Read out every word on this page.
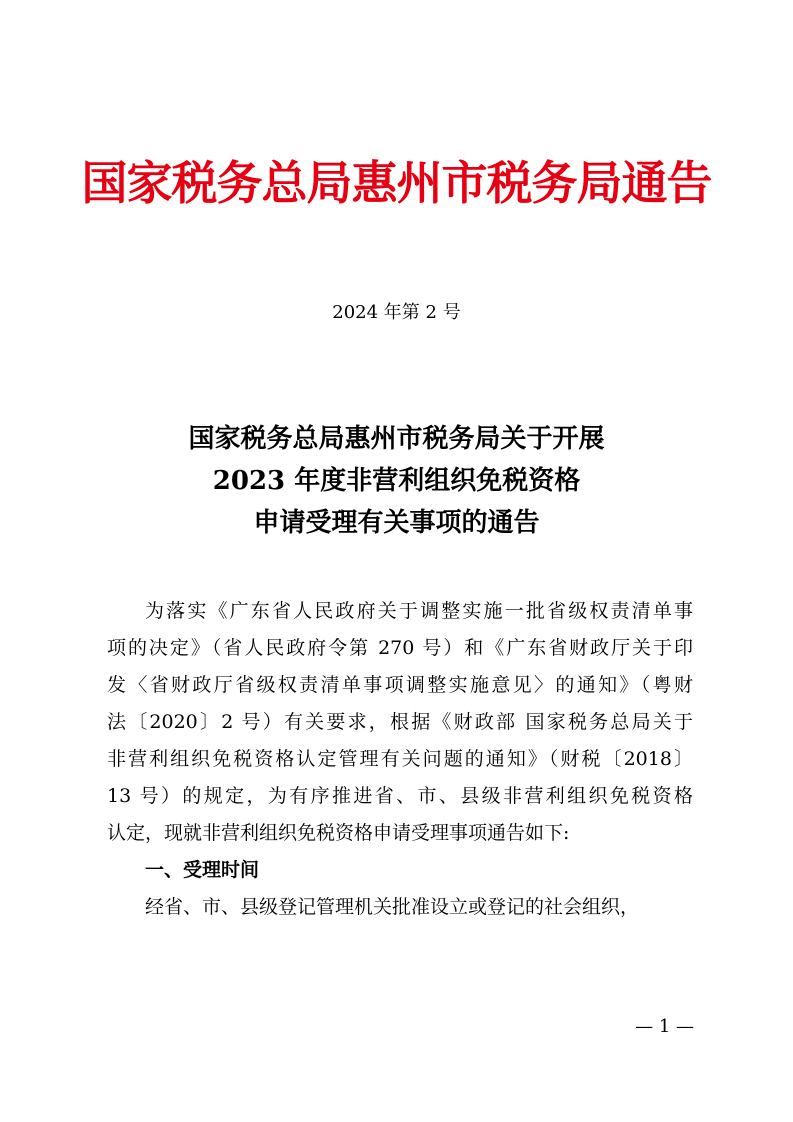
国家税务总局惠州市税务局通告
2024 年第 2 号
国家税务总局惠州市税务局关于开展
2023 年度非营利组织免税资格
申请受理有关事项的通告
为落实《广东省人民政府关于调整实施一批省级权责清单事
项的决定》（省人民政府令第 270 号）和《广东省财政厅关于印
发〈省财政厅省级权责清单事项调整实施意见〉的通知》（粤财
法〔2020〕2 号）有关要求，根据《财政部 国家税务总局关于
非营利组织免税资格认定管理有关问题的通知》（财税〔2018〕
13 号）的规定，为有序推进省、市、县级非营利组织免税资格
认定，现就非营利组织免税资格申请受理事项通告如下:
一、受理时间
经省、市、县级登记管理机关批准设立或登记的社会组织，
— 1 —
